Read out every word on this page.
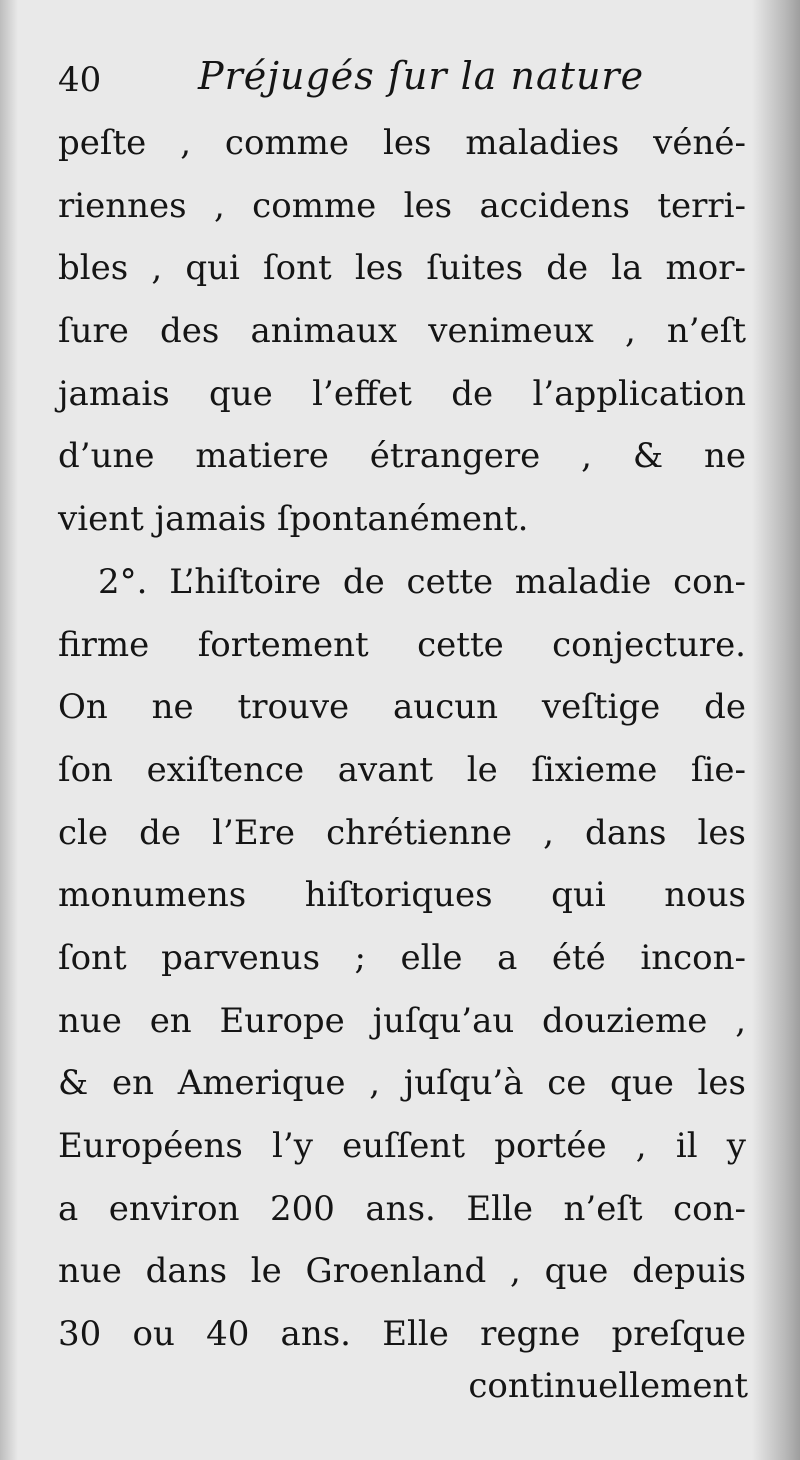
40	Préjugés ſur la nature
peſte , comme les maladies véné-
riennes , comme les accidens terri-
bles , qui ſont les ſuites de la mor-
ſure des animaux venimeux , n’eſt
jamais que l’effet de l’application
d’une matiere étrangere , & ne
vient jamais ſpontanément.
2°. L’hiſtoire de cette maladie con-
firme fortement cette conjecture.
On ne trouve aucun veſtige de
ſon exiſtence avant le ſixieme ſie-
cle de l’Ere chrétienne , dans les
monumens hiſtoriques qui nous
ſont parvenus ; elle a été incon-
nue en Europe juſqu’au douzieme ,
& en Amerique , juſqu’à ce que les
Européens l’y euſſent portée , il y
a environ 200 ans. Elle n’eſt con-
nue dans le Groenland , que depuis
30 ou 40 ans. Elle regne preſque
continuellement
